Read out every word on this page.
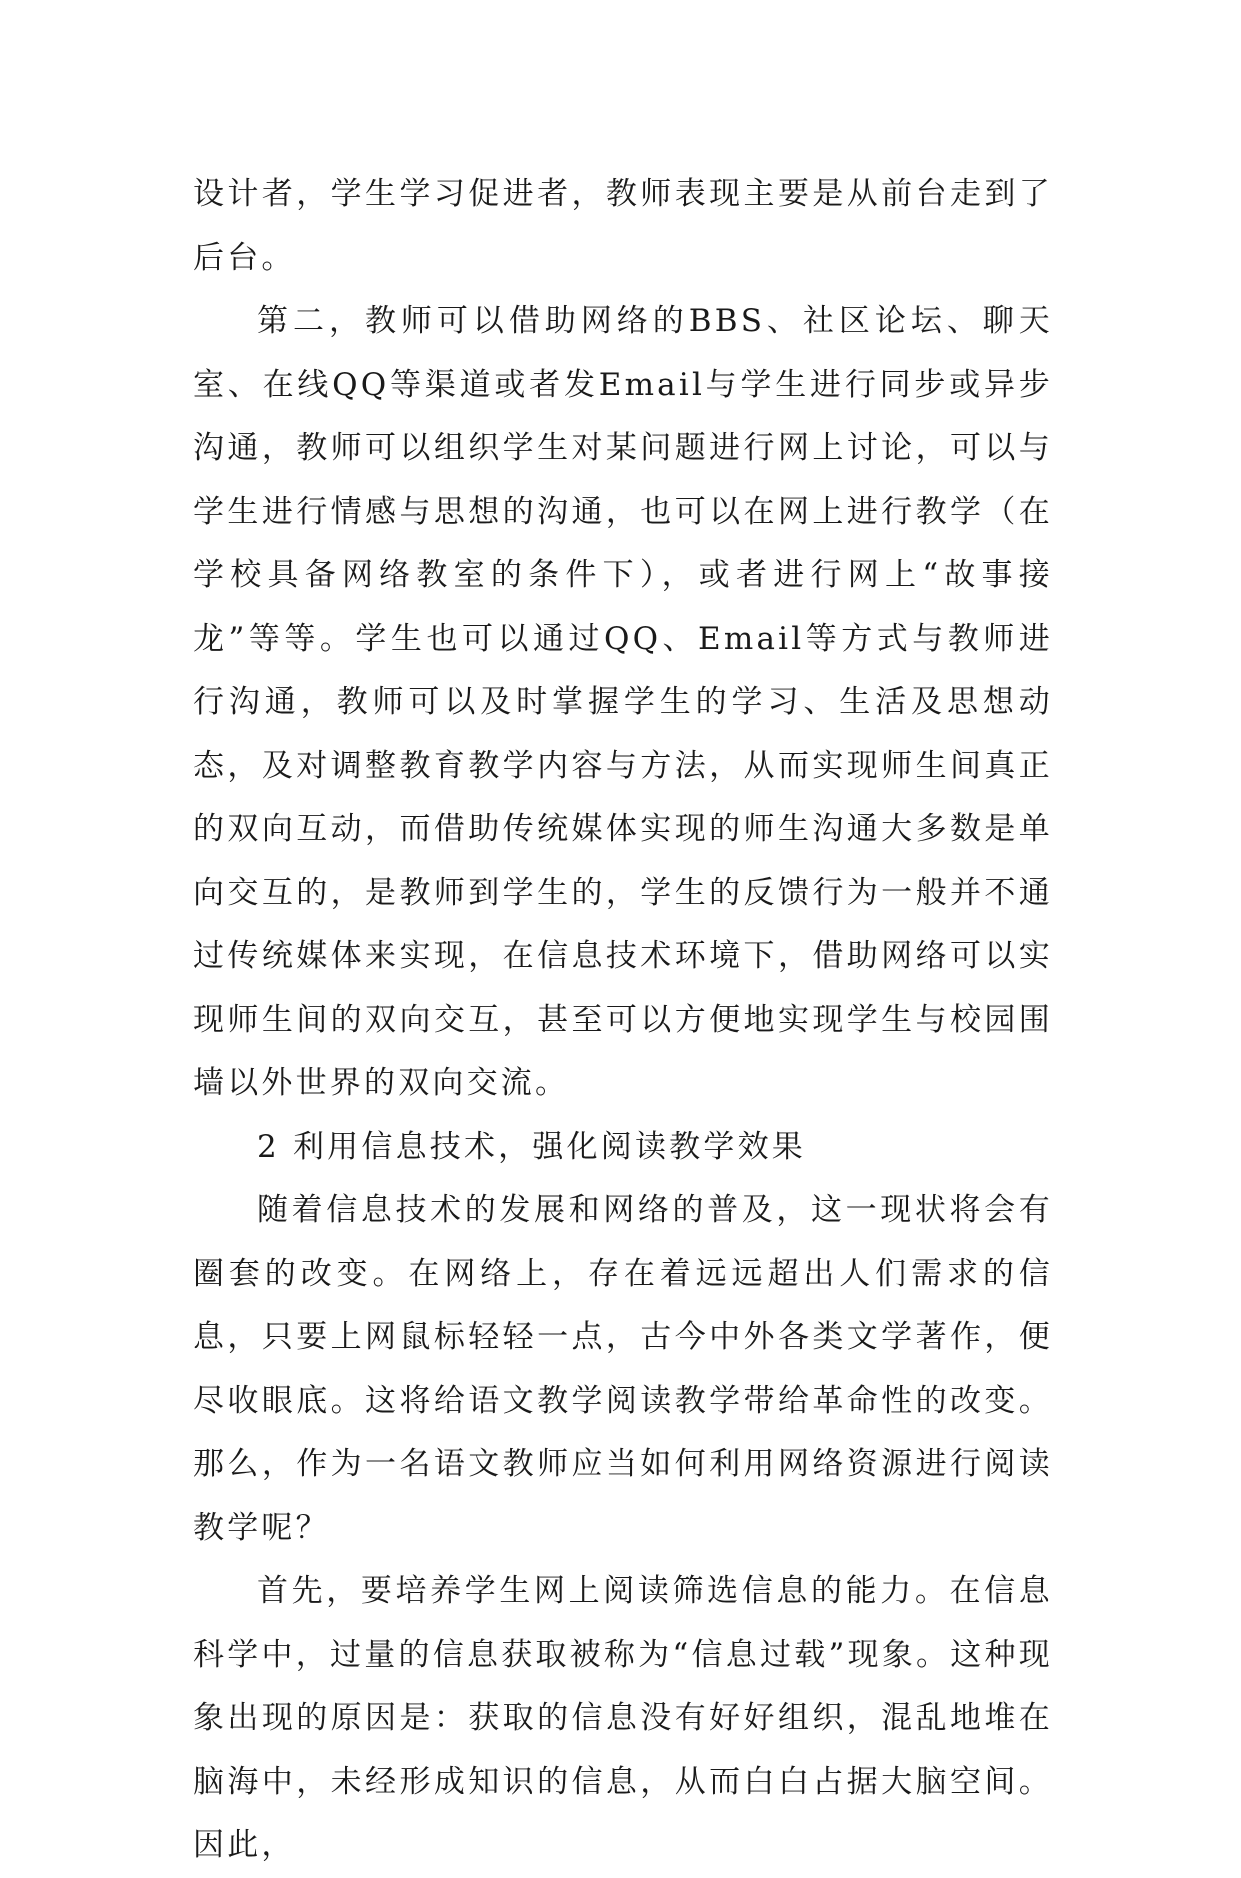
设计者，学生学习促进者，教师表现主要是从前台走到了后台。

第二，教师可以借助网络的BBS、社区论坛、聊天室、在线QQ等渠道或者发Email与学生进行同步或异步沟通，教师可以组织学生对某问题进行网上讨论，可以与学生进行情感与思想的沟通，也可以在网上进行教学（在学校具备网络教室的条件下），或者进行网上“故事接龙”等等。学生也可以通过QQ、Email等方式与教师进行沟通，教师可以及时掌握学生的学习、生活及思想动态，及对调整教育教学内容与方法，从而实现师生间真正的双向互动，而借助传统媒体实现的师生沟通大多数是单向交互的，是教师到学生的，学生的反馈行为一般并不通过传统媒体来实现，在信息技术环境下，借助网络可以实现师生间的双向交互，甚至可以方便地实现学生与校园围墙以外世界的双向交流。

2 利用信息技术，强化阅读教学效果

随着信息技术的发展和网络的普及，这一现状将会有圈套的改变。在网络上，存在着远远超出人们需求的信息，只要上网鼠标轻轻一点，古今中外各类文学著作，便尽收眼底。这将给语文教学阅读教学带给革命性的改变。那么，作为一名语文教师应当如何利用网络资源进行阅读教学呢？

首先，要培养学生网上阅读筛选信息的能力。在信息科学中，过量的信息获取被称为“信息过载”现象。这种现象出现的原因是：获取的信息没有好好组织，混乱地堆在脑海中，未经形成知识的信息，从而白白占据大脑空间。因此，
